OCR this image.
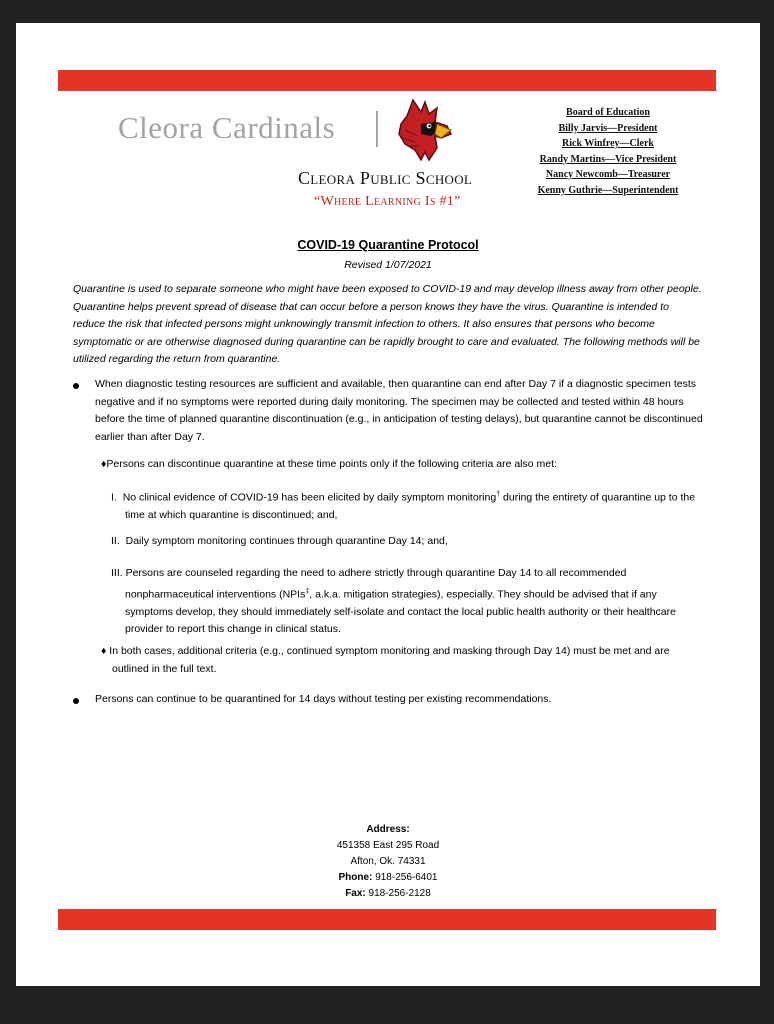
Cleora Cardinals
Cleora Public School
“Where Learning Is #1”
Board of Education
Billy Jarvis—President
Rick Winfrey—Clerk
Randy Martins—Vice President
Nancy Newcomb—Treasurer
Kenny Guthrie—Superintendent
COVID-19 Quarantine Protocol
Revised 1/07/2021
Quarantine is used to separate someone who might have been exposed to COVID-19 and may develop illness away from other people. Quarantine helps prevent spread of disease that can occur before a person knows they have the virus. Quarantine is intended to reduce the risk that infected persons might unknowingly transmit infection to others. It also ensures that persons who become symptomatic or are otherwise diagnosed during quarantine can be rapidly brought to care and evaluated. The following methods will be utilized regarding the return from quarantine.
When diagnostic testing resources are sufficient and available, then quarantine can end after Day 7 if a diagnostic specimen tests negative and if no symptoms were reported during daily monitoring. The specimen may be collected and tested within 48 hours before the time of planned quarantine discontinuation (e.g., in anticipation of testing delays), but quarantine cannot be discontinued earlier than after Day 7.
♦Persons can discontinue quarantine at these time points only if the following criteria are also met:
I. No clinical evidence of COVID-19 has been elicited by daily symptom monitoring† during the entirety of quarantine up to the time at which quarantine is discontinued; and,
II. Daily symptom monitoring continues through quarantine Day 14; and,
III. Persons are counseled regarding the need to adhere strictly through quarantine Day 14 to all recommended nonpharmaceutical interventions (NPIs‡, a.k.a. mitigation strategies), especially. They should be advised that if any symptoms develop, they should immediately self-isolate and contact the local public health authority or their healthcare provider to report this change in clinical status.
♦ In both cases, additional criteria (e.g., continued symptom monitoring and masking through Day 14) must be met and are outlined in the full text.
Persons can continue to be quarantined for 14 days without testing per existing recommendations.
Address:
451358 East 295 Road
Afton, Ok. 74331
Phone: 918-256-6401
Fax: 918-256-2128
